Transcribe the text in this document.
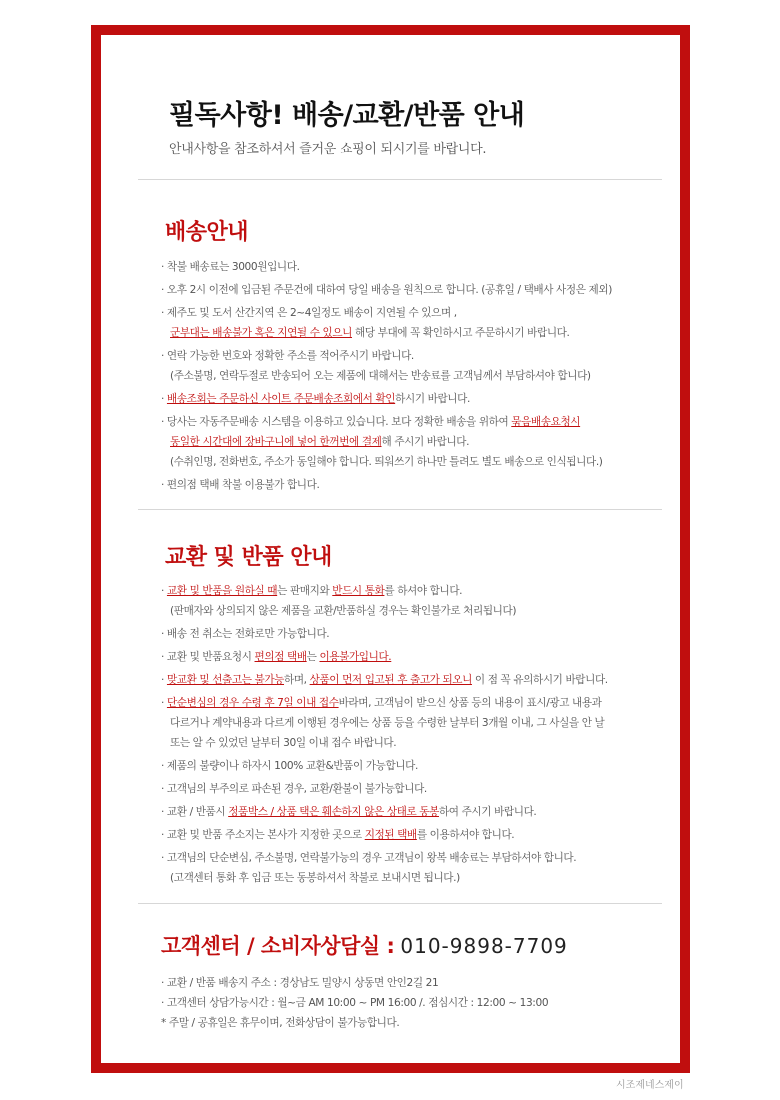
필독사항! 배송/교환/반품 안내
안내사항을 참조하셔서 즐거운 쇼핑이 되시기를 바랍니다.
배송안내
· 착불 배송료는 3000원입니다.
· 오후 2시 이전에 입금된 주문건에 대하여 당일 배송을 원칙으로 합니다. (공휴일 / 택배사 사정은 제외)
· 제주도 및 도서 산간지역 은 2~4일정도 배송이 지연될 수 있으며 ,
군부대는 배송불가 혹은 지연될 수 있으니 해당 부대에 꼭 확인하시고 주문하시기 바랍니다.
· 연락 가능한 번호와 정확한 주소를 적어주시기 바랍니다.
(주소불명, 연락두절로 반송되어 오는 제품에 대해서는 반송료를 고객님께서 부담하셔야 합니다)
· 배송조회는 주문하신 사이트 주문배송조회에서 확인하시기 바랍니다.
· 당사는 자동주문배송 시스템을 이용하고 있습니다. 보다 정확한 배송을 위하여 묶음배송요청시
동일한 시간대에 장바구니에 넣어 한꺼번에 결제해 주시기 바랍니다.
(수취인명, 전화번호, 주소가 동일해야 합니다. 띄워쓰기 하나만 틀려도 별도 배송으로 인식됩니다.)
· 편의점 택배 착불 이용불가 합니다.
교환 및 반품 안내
· 교환 및 반품을 원하실 때는 판매지와 반드시 통화를 하셔야 합니다.
(판매자와 상의되지 않은 제품을 교환/반품하실 경우는 확인불가로 처리됩니다)
· 배송 전 취소는 전화로만 가능합니다.
· 교환 및 반품요청시 편의점 택배는 이용불가입니다.
· 맞교환 및 선출고는 불가능하며, 상품이 먼저 입고된 후 출고가 되오니 이 점 꼭 유의하시기 바랍니다.
· 단순변심의 경우 수령 후 7일 이내 접수바라며, 고객님이 받으신 상품 등의 내용이 표시/광고 내용과
다르거나 계약내용과 다르게 이행된 경우에는 상품 등을 수령한 날부터 3개월 이내, 그 사실을 안 날
또는 알 수 있었던 날부터 30일 이내 접수 바랍니다.
· 제품의 불량이나 하자시 100% 교환&반품이 가능합니다.
· 고객님의 부주의로 파손된 경우, 교환/환불이 불가능합니다.
· 교환 / 반품시 정품박스 / 상품 택은 훼손하지 않은 상태로 동봉하여 주시기 바랍니다.
· 교환 및 반품 주소지는 본사가 지정한 곳으로 지정된 택배를 이용하셔야 합니다.
· 고객님의 단순변심, 주소불명, 연락불가능의 경우 고객님이 왕복 배송료는 부담하셔야 합니다.
(고객센터 통화 후 입금 또는 동봉하셔서 착불로 보내시면 됩니다.)
고객센터 / 소비자상담실 : 010-9898-7709
· 교환 / 반품 배송지 주소 : 경상남도 밀양시 상동면 안인2길 21
· 고객센터 상담가능시간 : 월~금 AM 10:00 ~ PM 16:00 /. 점심시간 : 12:00 ~ 13:00
* 주말 / 공휴일은 휴무이며, 전화상담이 불가능합니다.
시조제네스제이
